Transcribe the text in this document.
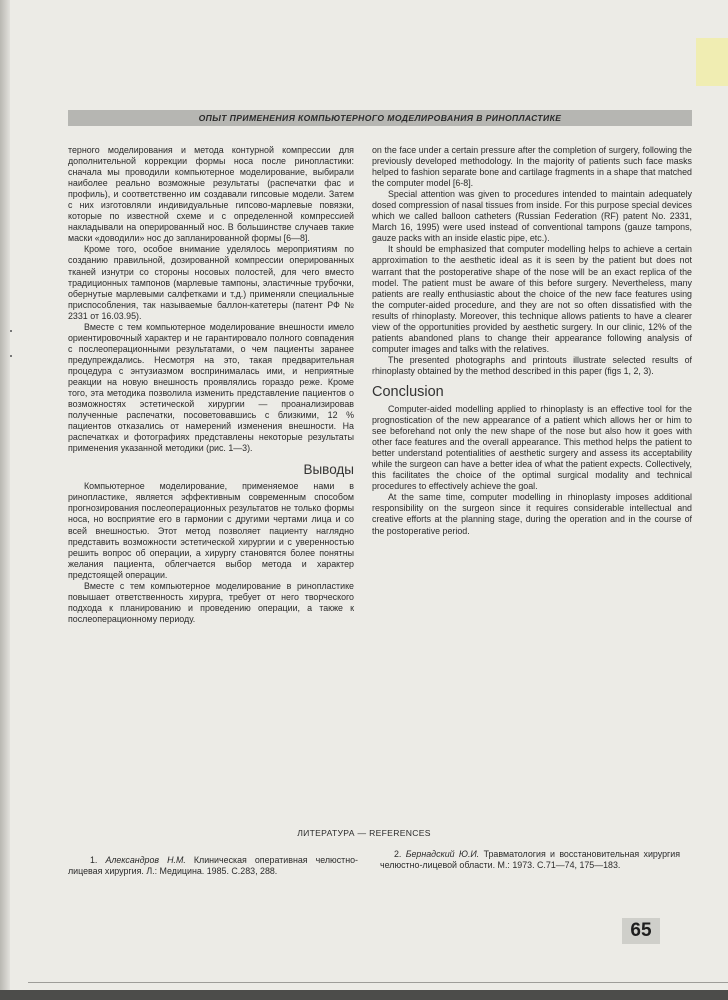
ОПЫТ ПРИМЕНЕНИЯ КОМПЬЮТЕРНОГО МОДЕЛИРОВАНИЯ В РИНОПЛАСТИКЕ

терного моделирования и метода контурной компрессии для дополнительной коррекции формы носа после ринопластики: сначала мы проводили компьютерное моделирование, выбирали наиболее реально возможные результаты (распечатки фас и профиль), и соответственно им создавали гипсовые модели. Затем с них изготовляли индивидуальные гипсово-марлевые повязки, которые по известной схеме и с определенной компрессией накладывали на оперированный нос. В большинстве случаев такие маски «доводили» нос до запланированной формы [6—8].

Кроме того, особое внимание уделялось мероприятиям по созданию правильной, дозированной компрессии оперированных тканей изнутри со стороны носовых полостей, для чего вместо традиционных тампонов (марлевые тампоны, эластичные трубочки, обернутые марлевыми салфетками и т.д.) применяли специальные приспособления, так называемые баллон-катетеры (патент РФ № 2331 от 16.03.95).

Вместе с тем компьютерное моделирование внешности имело ориентировочный характер и не гарантировало полного совпадения с послеоперационными результатами, о чем пациенты заранее предупреждались. Несмотря на это, такая предварительная процедура с энтузиазмом воспринималась ими, и неприятные реакции на новую внешность проявлялись гораздо реже. Кроме того, эта методика позволила изменить представление пациентов о возможностях эстетической хирургии — проанализировав полученные распечатки, посоветовавшись с близкими, 12 % пациентов отказались от намерений изменения внешности. На распечатках и фотографиях представлены некоторые результаты применения указанной методики (рис. 1—3).

Выводы

Компьютерное моделирование, применяемое нами в ринопластике, является эффективным современным способом прогнозирования послеоперационных результатов не только формы носа, но восприятие его в гармонии с другими чертами лица и со всей внешностью. Этот метод позволяет пациенту наглядно представить возможности эстетической хирургии и с уверенностью решить вопрос об операции, а хирургу становятся более понятны желания пациента, облегчается выбор метода и характер предстоящей операции.

Вместе с тем компьютерное моделирование в ринопластике повышает ответственность хирурга, требует от него творческого подхода к планированию и проведению операции, а также к послеоперационному периоду.

on the face under a certain pressure after the completion of surgery, following the previously developed methodology. In the majority of patients such face masks helped to fashion separate bone and cartilage fragments in a shape that matched the computer model [6-8].

Special attention was given to procedures intended to maintain adequately dosed compression of nasal tissues from inside. For this purpose special devices which we called balloon catheters (Russian Federation (RF) patent No. 2331, March 16, 1995) were used instead of conventional tampons (gauze tampons, gauze packs with an inside elastic pipe, etc.).

It should be emphasized that computer modelling helps to achieve a certain approximation to the aesthetic ideal as it is seen by the patient but does not warrant that the postoperative shape of the nose will be an exact replica of the model. The patient must be aware of this before surgery. Nevertheless, many patients are really enthusiastic about the choice of the new face features using the computer-aided procedure, and they are not so often dissatisfied with the results of rhinoplasty. Moreover, this technique allows patients to have a clearer view of the opportunities provided by aesthetic surgery. In our clinic, 12% of the patients abandoned plans to change their appearance following analysis of computer images and talks with the relatives.

The presented photographs and printouts illustrate selected results of rhinoplasty obtained by the method described in this paper (figs 1, 2, 3).

Conclusion

Computer-aided modelling applied to rhinoplasty is an effective tool for the prognostication of the new appearance of a patient which allows her or him to see beforehand not only the new shape of the nose but also how it goes with other face features and the overall appearance. This method helps the patient to better understand potentialities of aesthetic surgery and assess its acceptability while the surgeon can have a better idea of what the patient expects. Collectively, this facilitates the choice of the optimal surgical modality and technical procedures to effectively achieve the goal.

At the same time, computer modelling in rhinoplasty imposes additional responsibility on the surgeon since it requires considerable intellectual and creative efforts at the planning stage, during the operation and in the course of the postoperative period.

ЛИТЕРАТУРА — REFERENCES
1. Александров Н.М. Клиническая оперативная челюстно-лицевая хирургия. Л.: Медицина. 1985. С.283, 288.
2. Бернадский Ю.И. Травматология и восстановительная хирургия челюстно-лицевой области. М.: 1973. С.71—74, 175—183.
65
